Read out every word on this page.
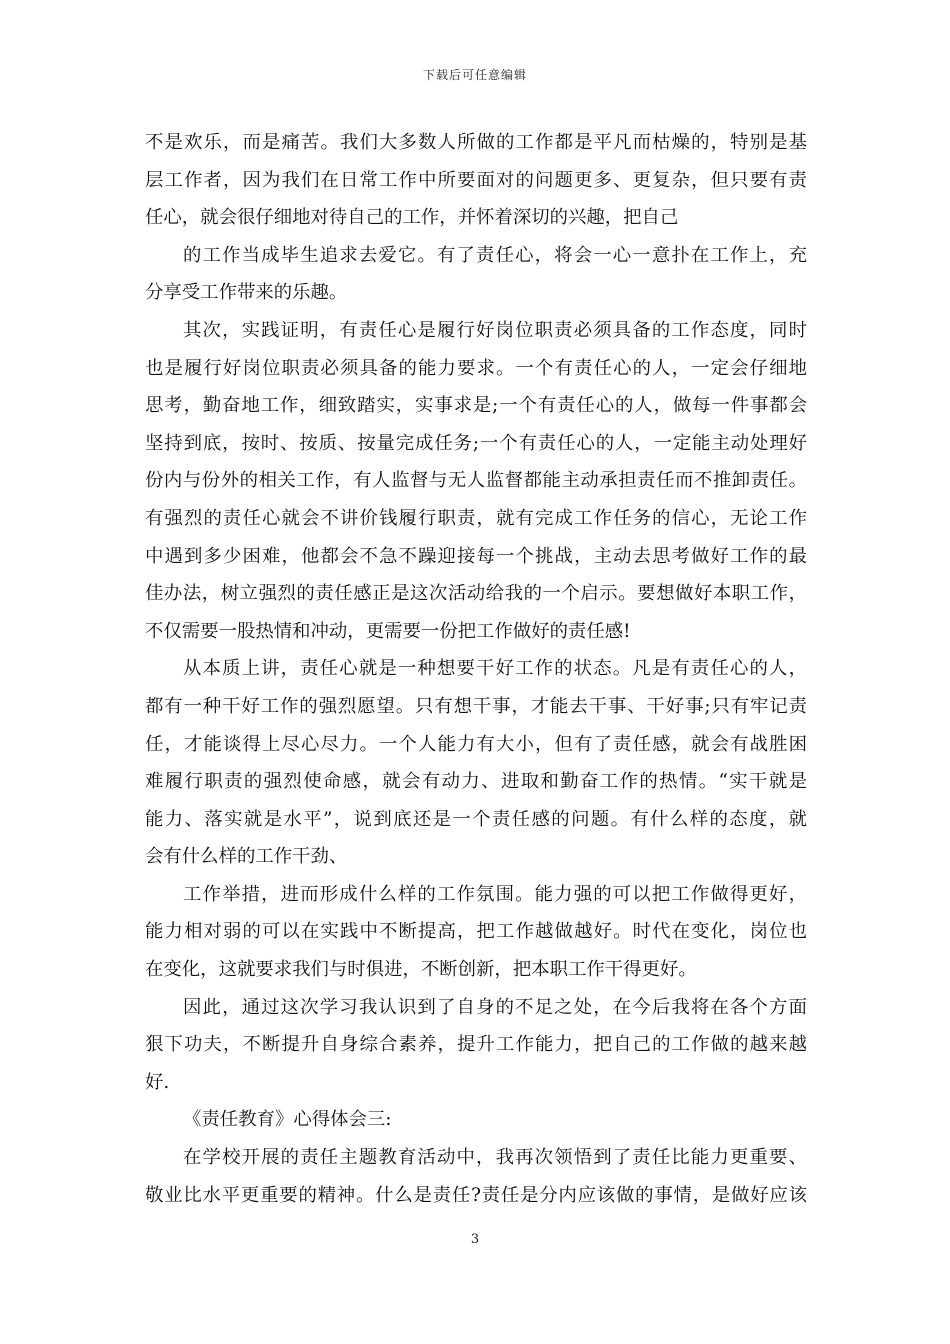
下载后可任意编辑
不是欢乐，而是痛苦。我们大多数人所做的工作都是平凡而枯燥的，特别是基
层工作者，因为我们在日常工作中所要面对的问题更多、更复杂，但只要有责
任心，就会很仔细地对待自己的工作，并怀着深切的兴趣，把自己
的工作当成毕生追求去爱它。有了责任心，将会一心一意扑在工作上，充
分享受工作带来的乐趣。
其次，实践证明，有责任心是履行好岗位职责必须具备的工作态度，同时
也是履行好岗位职责必须具备的能力要求。一个有责任心的人，一定会仔细地
思考，勤奋地工作，细致踏实，实事求是;一个有责任心的人，做每一件事都会
坚持到底，按时、按质、按量完成任务;一个有责任心的人，一定能主动处理好
份内与份外的相关工作，有人监督与无人监督都能主动承担责任而不推卸责任。
有强烈的责任心就会不讲价钱履行职责，就有完成工作任务的信心，无论工作
中遇到多少困难，他都会不急不躁迎接每一个挑战，主动去思考做好工作的最
佳办法，树立强烈的责任感正是这次活动给我的一个启示。要想做好本职工作，
不仅需要一股热情和冲动，更需要一份把工作做好的责任感!
从本质上讲，责任心就是一种想要干好工作的状态。凡是有责任心的人，
都有一种干好工作的强烈愿望。只有想干事，才能去干事、干好事;只有牢记责
任，才能谈得上尽心尽力。一个人能力有大小，但有了责任感，就会有战胜困
难履行职责的强烈使命感，就会有动力、进取和勤奋工作的热情。“实干就是
能力、落实就是水平”，说到底还是一个责任感的问题。有什么样的态度，就
会有什么样的工作干劲、
工作举措，进而形成什么样的工作氛围。能力强的可以把工作做得更好，
能力相对弱的可以在实践中不断提高，把工作越做越好。时代在变化，岗位也
在变化，这就要求我们与时俱进，不断创新，把本职工作干得更好。
因此，通过这次学习我认识到了自身的不足之处，在今后我将在各个方面
狠下功夫，不断提升自身综合素养，提升工作能力，把自己的工作做的越来越
好.
《责任教育》心得体会三:
在学校开展的责任主题教育活动中，我再次领悟到了责任比能力更重要、
敬业比水平更重要的精神。什么是责任?责任是分内应该做的事情，是做好应该
3
